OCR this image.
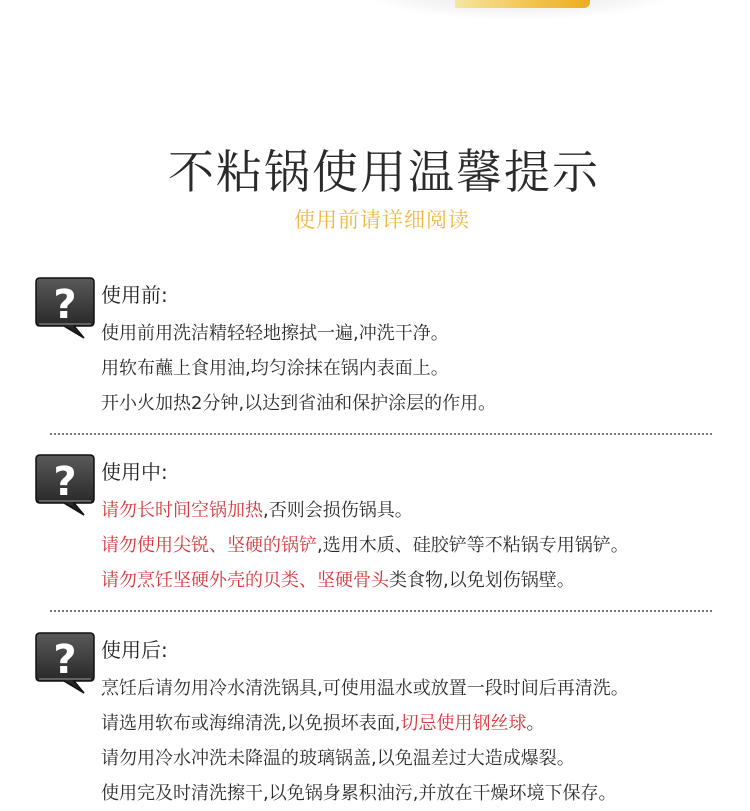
不粘锅使用温馨提示
使用前请详细阅读
? 使用前:
使用前用洗洁精轻轻地擦拭一遍,冲洗干净。
用软布蘸上食用油,均匀涂抹在锅内表面上。
开小火加热2分钟,以达到省油和保护涂层的作用。
? 使用中:
请勿长时间空锅加热,否则会损伤锅具。
请勿使用尖锐、坚硬的锅铲,选用木质、硅胶铲等不粘锅专用锅铲。
请勿烹饪坚硬外壳的贝类、坚硬骨头类食物,以免划伤锅壁。
? 使用后:
烹饪后请勿用冷水清洗锅具,可使用温水或放置一段时间后再清洗。
请选用软布或海绵清洗,以免损坏表面,切忌使用钢丝球。
请勿用冷水冲洗未降温的玻璃锅盖,以免温差过大造成爆裂。
使用完及时清洗擦干,以免锅身累积油污,并放在干燥环境下保存。
